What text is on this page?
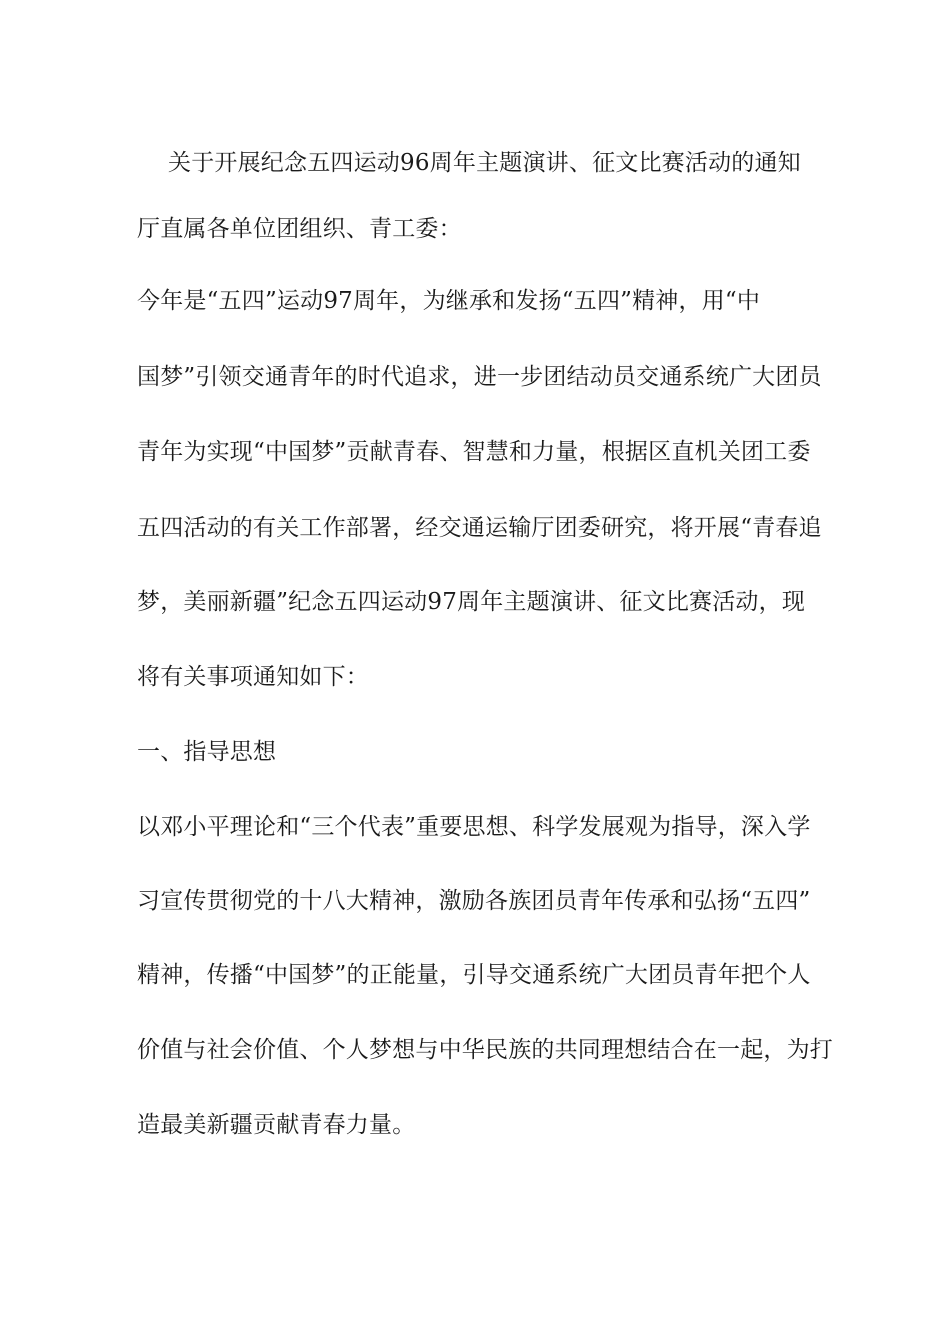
关于开展纪念五四运动96周年主题演讲、征文比赛活动的通知
厅直属各单位团组织、青工委：
今年是“五四”运动97周年，为继承和发扬“五四”精神，用“中
国梦”引领交通青年的时代追求，进一步团结动员交通系统广大团员
青年为实现“中国梦”贡献青春、智慧和力量，根据区直机关团工委
五四活动的有关工作部署，经交通运输厅团委研究，将开展“青春追
梦，美丽新疆”纪念五四运动97周年主题演讲、征文比赛活动，现
将有关事项通知如下：
一、指导思想
以邓小平理论和“三个代表”重要思想、科学发展观为指导，深入学
习宣传贯彻党的十八大精神，激励各族团员青年传承和弘扬“五四”
精神，传播“中国梦”的正能量，引导交通系统广大团员青年把个人
价值与社会价值、个人梦想与中华民族的共同理想结合在一起，为打
造最美新疆贡献青春力量。
